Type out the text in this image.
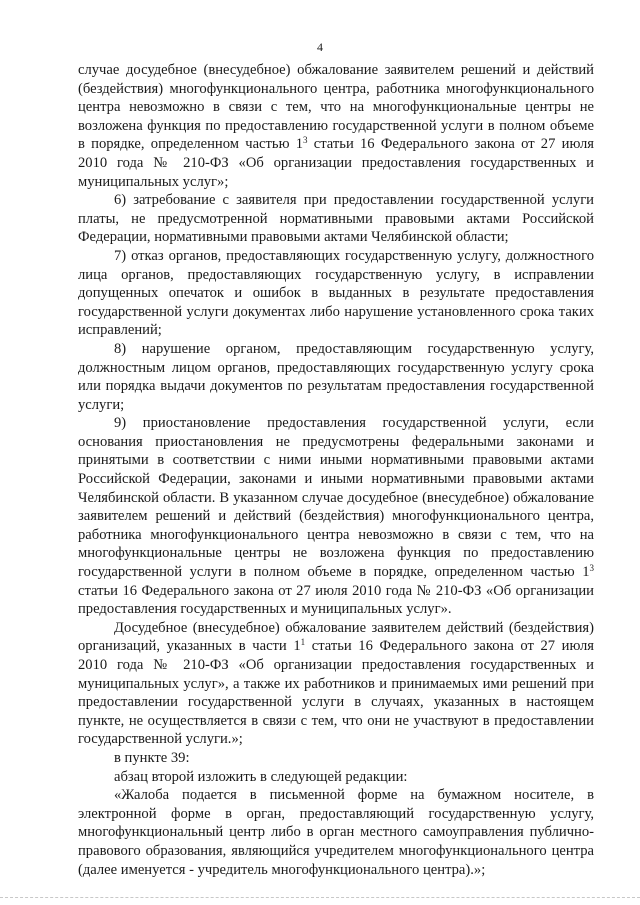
4

случае досудебное (внесудебное) обжалование заявителем решений и действий (бездействия) многофункционального центра, работника многофункционального центра невозможно в связи с тем, что на многофункциональные центры не возложена функция по предоставлению государственной услуги в полном объеме в порядке, определенном частью $1^3$ статьи 16 Федерального закона от 27 июля 2010 года № 210-ФЗ «Об организации предоставления государственных и муниципальных услуг»;

6) затребование с заявителя при предоставлении государственной услуги платы, не предусмотренной нормативными правовыми актами Российской Федерации, нормативными правовыми актами Челябинской области;

7) отказ органов, предоставляющих государственную услугу, должностного лица органов, предоставляющих государственную услугу, в исправлении допущенных опечаток и ошибок в выданных в результате предоставления государственной услуги документах либо нарушение установленного срока таких исправлений;

8) нарушение органом, предоставляющим государственную услугу, должностным лицом органов, предоставляющих государственную услугу срока или порядка выдачи документов по результатам предоставления государственной услуги;

9) приостановление предоставления государственной услуги, если основания приостановления не предусмотрены федеральными законами и принятыми в соответствии с ними иными нормативными правовыми актами Российской Федерации, законами и иными нормативными правовыми актами Челябинской области. В указанном случае досудебное (внесудебное) обжалование заявителем решений и действий (бездействия) многофункционального центра, работника многофункционального центра невозможно в связи с тем, что на многофункциональные центры не возложена функция по предоставлению государственной услуги в полном объеме в порядке, определенном частью $1^3$ статьи 16 Федерального закона от 27 июля 2010 года № 210-ФЗ «Об организации предоставления государственных и муниципальных услуг».

Досудебное (внесудебное) обжалование заявителем действий (бездействия) организаций, указанных в части $1^1$ статьи 16 Федерального закона от 27 июля 2010 года № 210-ФЗ «Об организации предоставления государственных и муниципальных услуг», а также их работников и принимаемых ими решений при предоставлении государственной услуги в случаях, указанных в настоящем пункте, не осуществляется в связи с тем, что они не участвуют в предоставлении государственной услуги.»;

в пункте 39:

абзац второй изложить в следующей редакции:

«Жалоба подается в письменной форме на бумажном носителе, в электронной форме в орган, предоставляющий государственную услугу, многофункциональный центр либо в орган местного самоуправления публично-правового образования, являющийся учредителем многофункционального центра (далее именуется - учредитель многофункционального центра).»;
